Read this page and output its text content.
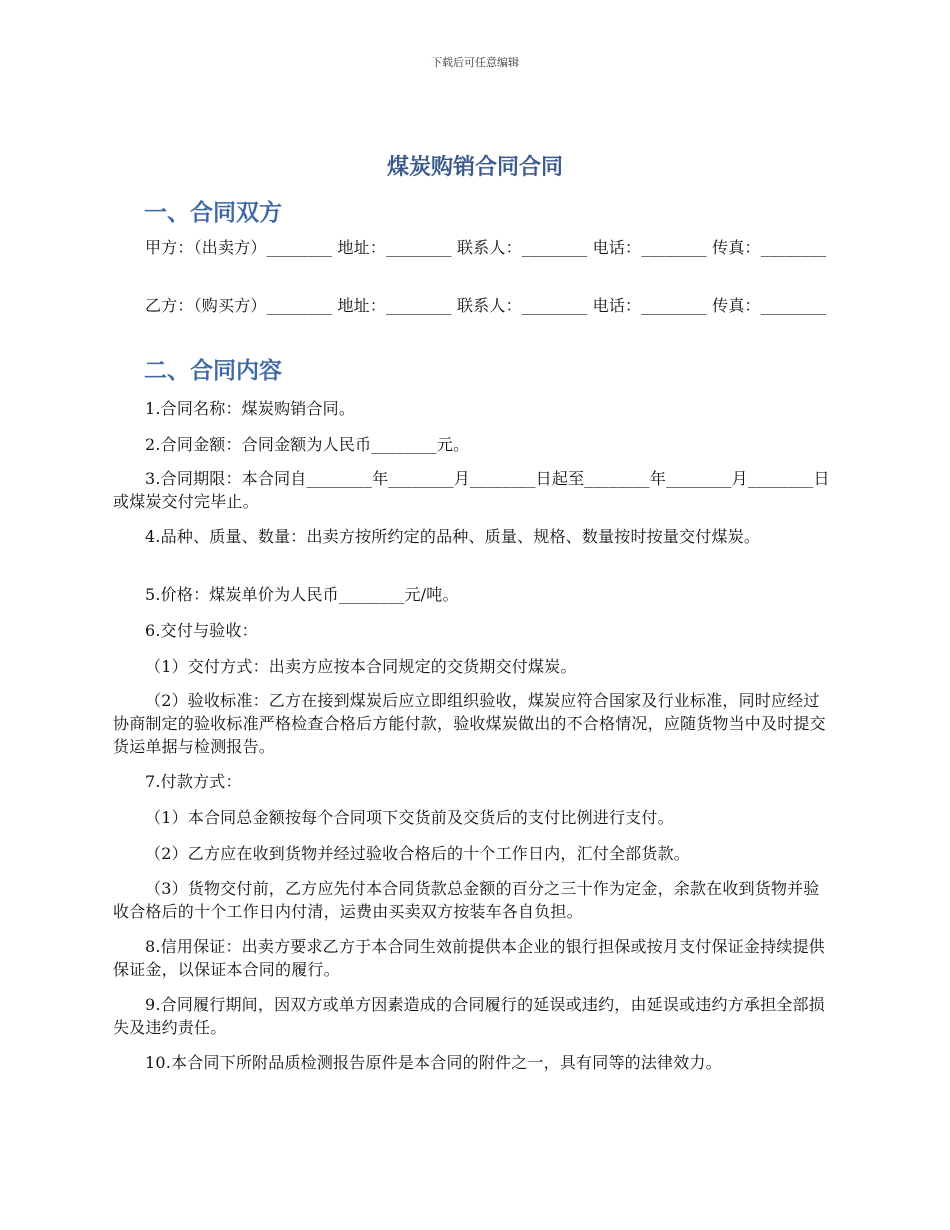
下载后可任意编辑
煤炭购销合同合同
一、合同双方

甲方：（出卖方）________ 地址：________ 联系人：________ 电话：________ 传真：________

乙方：（购买方）________ 地址：________ 联系人：________ 电话：________ 传真：________

二、合同内容

1.合同名称：煤炭购销合同。

2.合同金额：合同金额为人民币________元。

3.合同期限：本合同自________年________月________日起至________年________月________日或煤炭交付完毕止。

4.品种、质量、数量：出卖方按所约定的品种、质量、规格、数量按时按量交付煤炭。

5.价格：煤炭单价为人民币________元/吨。

6.交付与验收：

（1）交付方式：出卖方应按本合同规定的交货期交付煤炭。

（2）验收标准：乙方在接到煤炭后应立即组织验收，煤炭应符合国家及行业标准，同时应经过协商制定的验收标准严格检查合格后方能付款，验收煤炭做出的不合格情况，应随货物当中及时提交货运单据与检测报告。

7.付款方式：

（1）本合同总金额按每个合同项下交货前及交货后的支付比例进行支付。

（2）乙方应在收到货物并经过验收合格后的十个工作日内，汇付全部货款。

（3）货物交付前，乙方应先付本合同货款总金额的百分之三十作为定金，余款在收到货物并验收合格后的十个工作日内付清，运费由买卖双方按装车各自负担。

8.信用保证：出卖方要求乙方于本合同生效前提供本企业的银行担保或按月支付保证金持续提供保证金，以保证本合同的履行。

9.合同履行期间，因双方或单方因素造成的合同履行的延误或违约，由延误或违约方承担全部损失及违约责任。

10.本合同下所附品质检测报告原件是本合同的附件之一，具有同等的法律效力。
